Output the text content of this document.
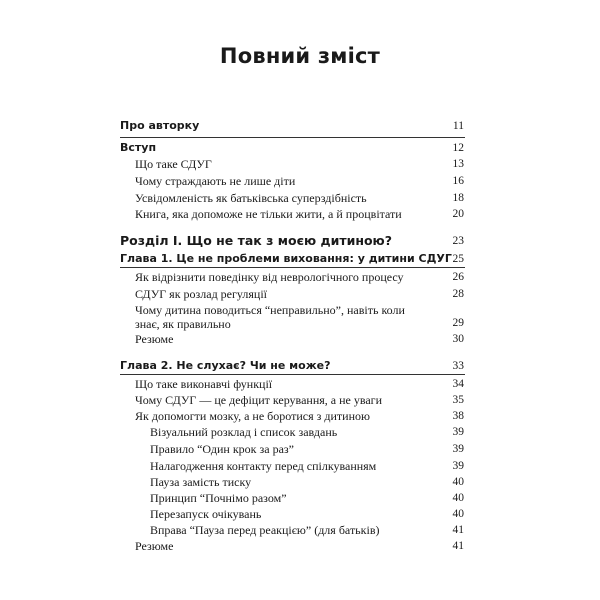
Повний зміст
Про авторку	11
Вступ	12
Що таке СДУГ	13
Чому страждають не лише діти	16
Усвідомленість як батьківська суперздібність	18
Книга, яка допоможе не тільки жити, а й процвітати	20
Розділ I. Що не так з моєю дитиною?	23
Глава 1. Це не проблеми виховання: у дитини СДУГ 25
Як відрізнити поведінку від неврологічного процесу	26
СДУГ як розлад регуляції	28
Чому дитина поводиться “неправильно”, навіть коли знає, як правильно	29
Резюме	30
Глава 2. Не слухає? Чи не може?	33
Що таке виконавчі функції	34
Чому СДУГ — це дефіцит керування, а не уваги	35
Як допомогти мозку, а не боротися з дитиною	38
Візуальний розклад і список завдань	39
Правило “Один крок за раз”	39
Налагодження контакту перед спілкуванням	39
Пауза замість тиску	40
Принцип “Почнімо разом”	40
Перезапуск очікувань	40
Вправа “Пауза перед реакцією” (для батьків)	41
Резюме	41
